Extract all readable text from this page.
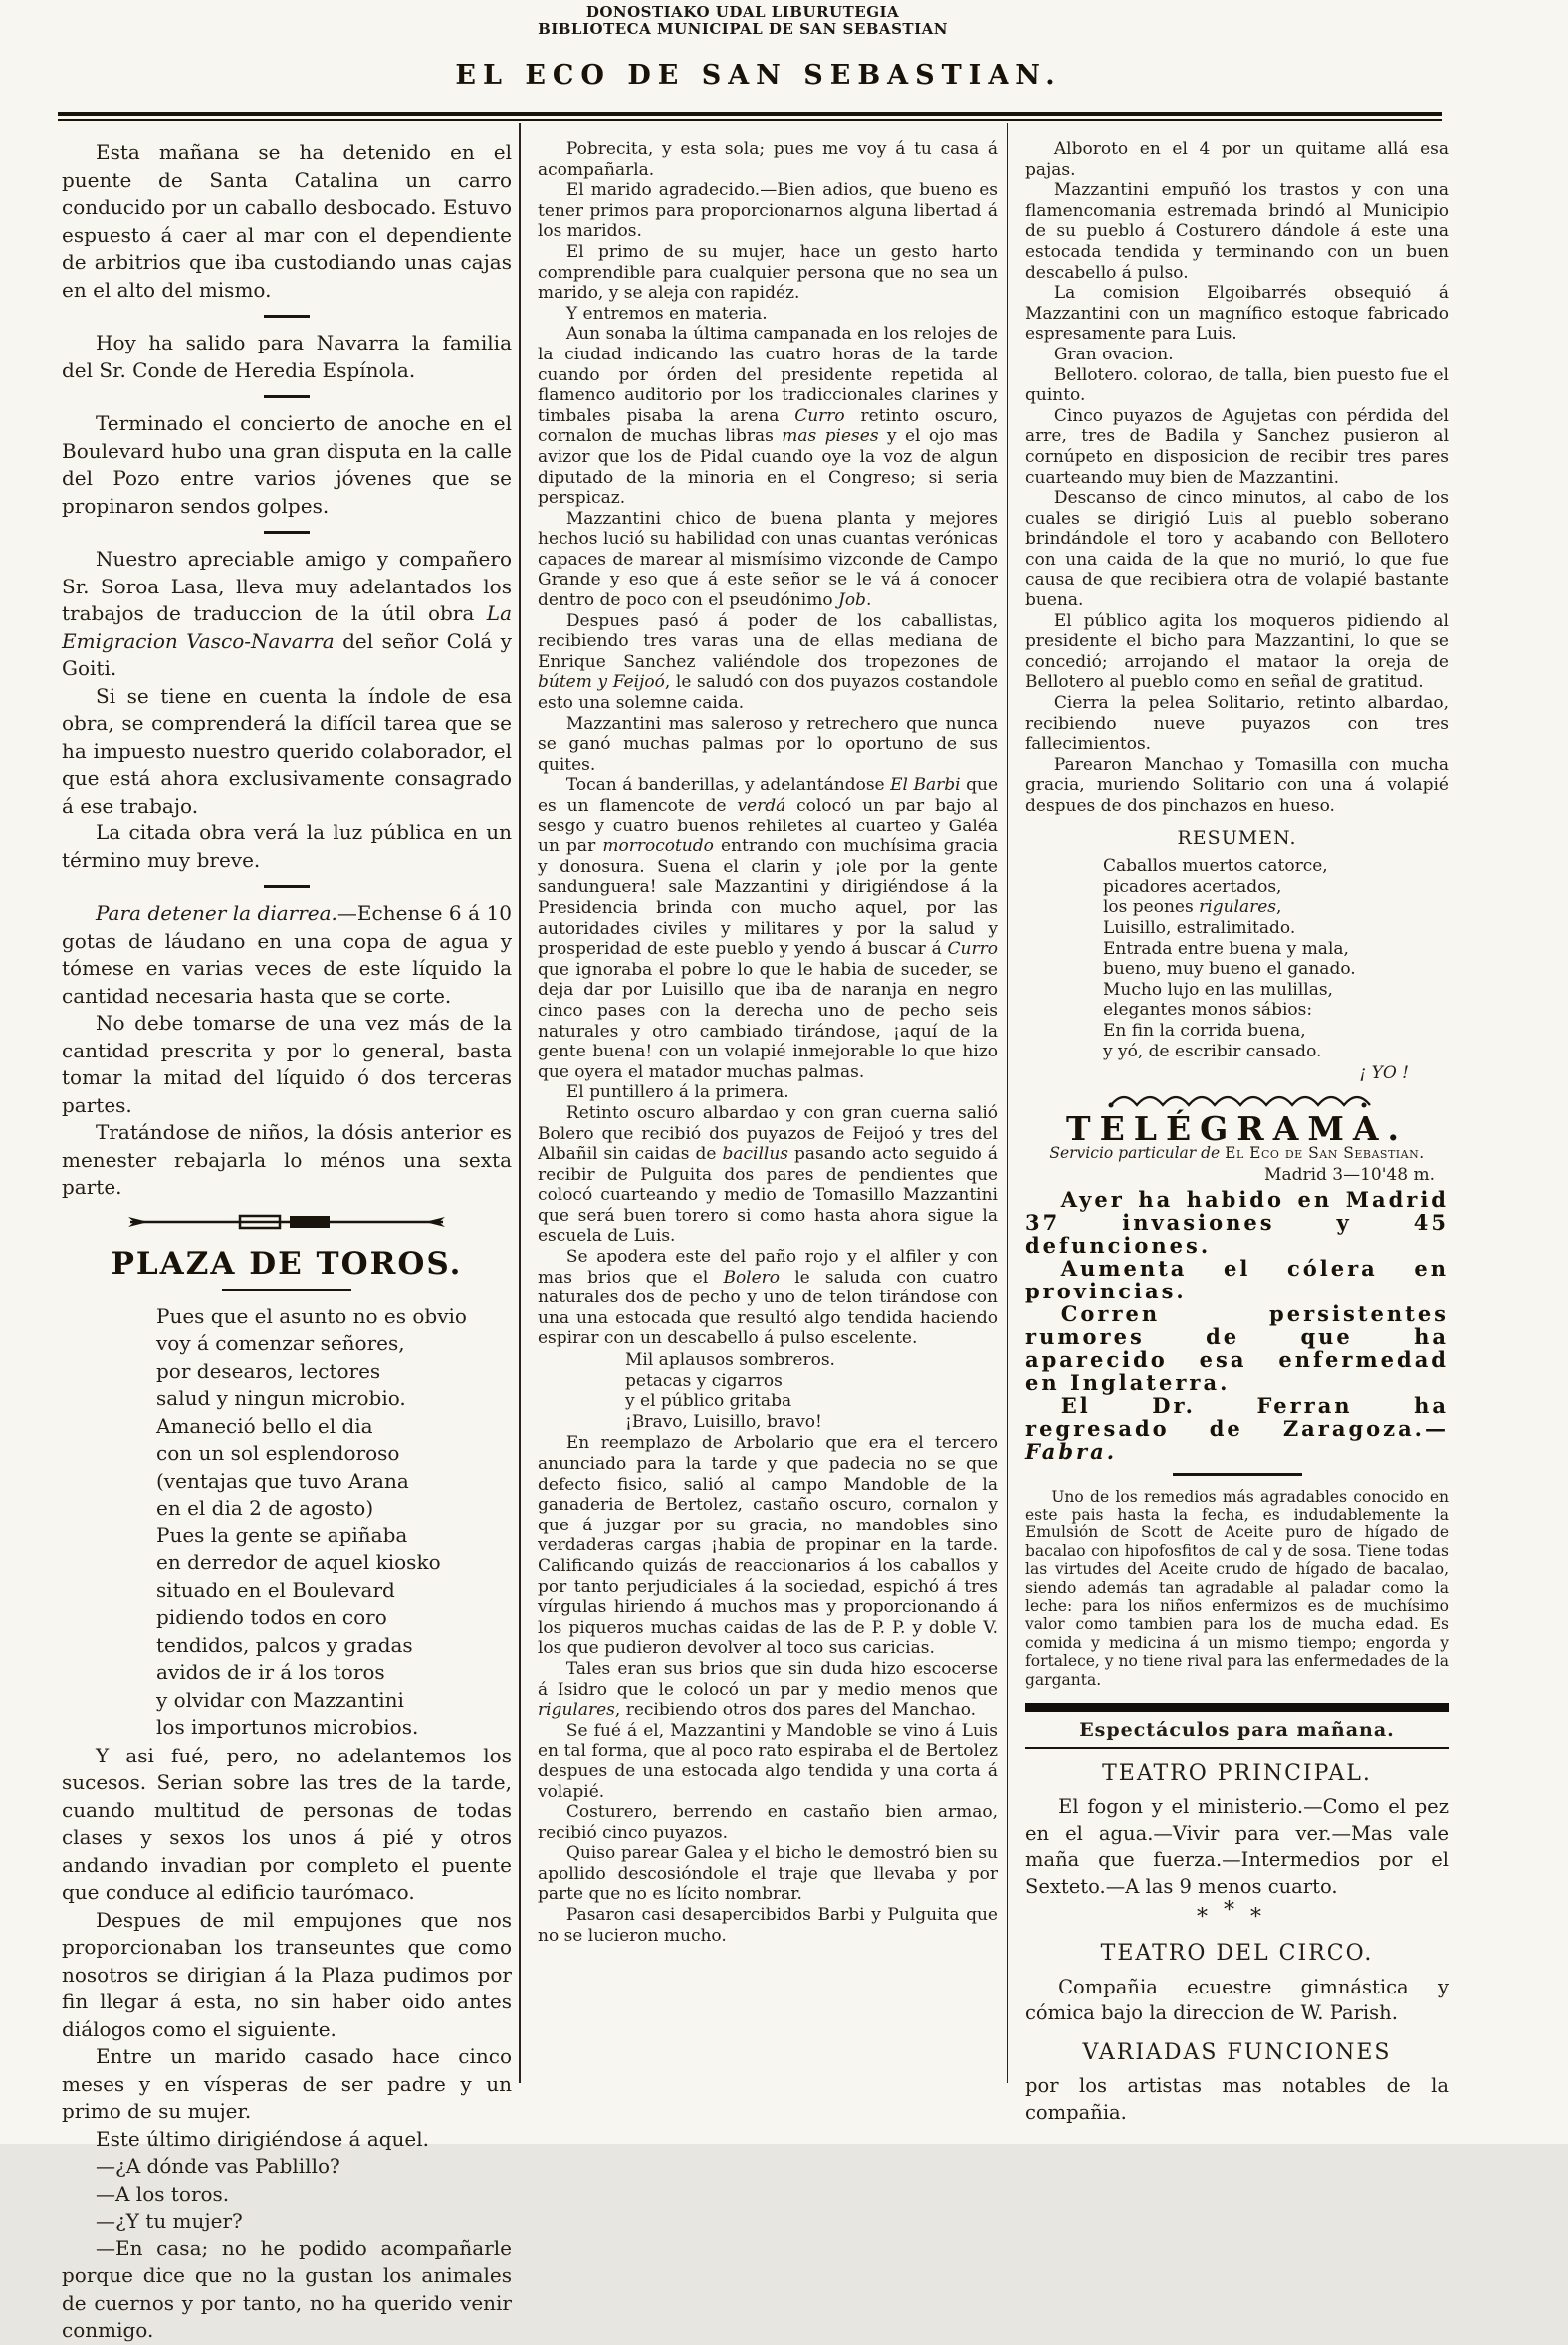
DONOSTIAKO UDAL LIBURUTEGIA
BIBLIOTECA MUNICIPAL DE SAN SEBASTIAN
EL ECO DE SAN SEBASTIAN.

Esta mañana se ha detenido en el puente de Santa Catalina un carro conducido por un caballo desbocado. Estuvo espuesto á caer al mar con el dependiente de arbitrios que iba custodiando unas cajas en el alto del mismo.

Hoy ha salido para Navarra la familia del Sr. Conde de Heredia Espínola.

Terminado el concierto de anoche en el Boulevard hubo una gran disputa en la calle del Pozo entre varios jóvenes que se propinaron sendos golpes.

Nuestro apreciable amigo y compañero Sr. Soroa Lasa, lleva muy adelantados los trabajos de traduccion de la útil obra La Emigracion Vasco-Navarra del señor Colá y Goiti.

Si se tiene en cuenta la índole de esa obra, se comprenderá la difícil tarea que se ha impuesto nuestro querido colaborador, el que está ahora exclusivamente consagrado á ese trabajo.

La citada obra verá la luz pública en un término muy breve.

Para detener la diarrea.—Echense 6 á 10 gotas de láudano en una copa de agua y tómese en varias veces de este líquido la cantidad necesaria hasta que se corte.

No debe tomarse de una vez más de la cantidad prescrita y por lo general, basta tomar la mitad del líquido ó dos terceras partes.

Tratándose de niños, la dósis anterior es menester rebajarla lo ménos una sexta parte.

PLAZA DE TOROS.
Pues que el asunto no es obvio
voy á comenzar señores,
por desearos, lectores
salud y ningun microbio.
Amaneció bello el dia
con un sol esplendoroso
(ventajas que tuvo Arana
en el dia 2 de agosto)
Pues la gente se apiñaba
en derredor de aquel kiosko
situado en el Boulevard
pidiendo todos en coro
tendidos, palcos y gradas
avidos de ir á los toros
y olvidar con Mazzantini
los importunos microbios.

Y asi fué, pero, no adelantemos los sucesos. Serian sobre las tres de la tarde, cuando multitud de personas de todas clases y sexos los unos á pié y otros andando invadian por completo el puente que conduce al edificio taurómaco.

Despues de mil empujones que nos proporcionaban los transeuntes que como nosotros se dirigian á la Plaza pudimos por fin llegar á esta, no sin haber oido antes diálogos como el siguiente.

Entre un marido casado hace cinco meses y en vísperas de ser padre y un primo de su mujer.

Este último dirigiéndose á aquel.

—¿A dónde vas Pablillo?

—A los toros.

—¿Y tu mujer?

—En casa; no he podido acompañarle porque dice que no la gustan los animales de cuernos y por tanto, no ha querido venir conmigo.

Pobrecita, y esta sola; pues me voy á tu casa á acompañarla.

El marido agradecido.—Bien adios, que bueno es tener primos para proporcionarnos alguna libertad á los maridos.

El primo de su mujer, hace un gesto harto comprendible para cualquier persona que no sea un marido, y se aleja con rapidéz.

Y entremos en materia.

Aun sonaba la última campanada en los relojes de la ciudad indicando las cuatro horas de la tarde cuando por órden del presidente repetida al flamenco auditorio por los tradiccionales clarines y timbales pisaba la arena Curro retinto oscuro, cornalon de muchas libras mas pieses y el ojo mas avizor que los de Pidal cuando oye la voz de algun diputado de la minoria en el Congreso; si seria perspicaz.

Mazzantini chico de buena planta y mejores hechos lució su habilidad con unas cuantas verónicas capaces de marear al mismísimo vizconde de Campo Grande y eso que á este señor se le vá á conocer dentro de poco con el pseudónimo Job.

Despues pasó á poder de los caballistas, recibiendo tres varas una de ellas mediana de Enrique Sanchez valiéndole dos tropezones de bútem y Feijoó, le saludó con dos puyazos costandole esto una solemne caida.

Mazzantini mas saleroso y retrechero que nunca se ganó muchas palmas por lo oportuno de sus quites.

Tocan á banderillas, y adelantándose El Barbi que es un flamencote de verdá colocó un par bajo al sesgo y cuatro buenos rehiletes al cuarteo y Galéa un par morrocotudo entrando con muchísima gracia y donosura. Suena el clarin y ¡ole por la gente sandunguera! sale Mazzantini y dirigiéndose á la Presidencia brinda con mucho aquel, por las autoridades civiles y militares y por la salud y prosperidad de este pueblo y yendo á buscar á Curro que ignoraba el pobre lo que le habia de suceder, se deja dar por Luisillo que iba de naranja en negro cinco pases con la derecha uno de pecho seis naturales y otro cambiado tirándose, ¡aquí de la gente buena! con un volapié inmejorable lo que hizo que oyera el matador muchas palmas.

El puntillero á la primera.

Retinto oscuro albardao y con gran cuerna salió Bolero que recibió dos puyazos de Feijoó y tres del Albañil sin caidas de bacillus pasando acto seguido á recibir de Pulguita dos pares de pendientes que colocó cuarteando y medio de Tomasillo Mazzantini que será buen torero si como hasta ahora sigue la escuela de Luis.

Se apodera este del paño rojo y el alfiler y con mas brios que el Bolero le saluda con cuatro naturales dos de pecho y uno de telon tirándose con una una estocada que resultó algo tendida haciendo espirar con un descabello á pulso escelente.

Mil aplausos sombreros.
petacas y cigarros
y el público gritaba
¡Bravo, Luisillo, bravo!

En reemplazo de Arbolario que era el tercero anunciado para la tarde y que padecia no se que defecto fisico, salió al campo Mandoble de la ganaderia de Bertolez, castaño oscuro, cornalon y que á juzgar por su gracia, no mandobles sino verdaderas cargas ¡habia de propinar en la tarde. Calificando quizás de reaccionarios á los caballos y por tanto perjudiciales á la sociedad, espichó á tres vírgulas hiriendo á muchos mas y proporcionando á los piqueros muchas caidas de las de P. P. y doble V. los que pudieron devolver al toco sus caricias.

Tales eran sus brios que sin duda hizo escocerse á Isidro que le colocó un par y medio menos que rigulares, recibiendo otros dos pares del Manchao.

Se fué á el, Mazzantini y Mandoble se vino á Luis en tal forma, que al poco rato espiraba el de Bertolez despues de una estocada algo tendida y una corta á volapié.

Costurero, berrendo en castaño bien armao, recibió cinco puyazos.

Quiso parear Galea y el bicho le demostró bien su apollido descosióndole el traje que llevaba y por parte que no es lícito nombrar.

Pasaron casi desapercibidos Barbi y Pulguita que no se lucieron mucho.

Alboroto en el 4 por un quitame allá esa pajas.

Mazzantini empuñó los trastos y con una flamencomania estremada brindó al Municipio de su pueblo á Costurero dándole á este una estocada tendida y terminando con un buen descabello á pulso.

La comision Elgoibarrés obsequió á Mazzantini con un magnífico estoque fabricado espresamente para Luis.

Gran ovacion.

Bellotero. colorao, de talla, bien puesto fue el quinto.

Cinco puyazos de Agujetas con pérdida del arre, tres de Badila y Sanchez pusieron al cornúpeto en disposicion de recibir tres pares cuarteando muy bien de Mazzantini.

Descanso de cinco minutos, al cabo de los cuales se dirigió Luis al pueblo soberano brindándole el toro y acabando con Bellotero con una caida de la que no murió, lo que fue causa de que recibiera otra de volapié bastante buena.

El público agita los moqueros pidiendo al presidente el bicho para Mazzantini, lo que se concedió; arrojando el mataor la oreja de Bellotero al pueblo como en señal de gratitud.

Cierra la pelea Solitario, retinto albardao, recibiendo nueve puyazos con tres fallecimientos.

Parearon Manchao y Tomasilla con mucha gracia, muriendo Solitario con una á volapié despues de dos pinchazos en hueso.

RESUMEN.
Caballos muertos catorce,
picadores acertados,
los peones rigulares,
Luisillo, estralimitado.
Entrada entre buena y mala,
bueno, muy bueno el ganado.
Mucho lujo en las mulillas,
elegantes monos sábios:
En fin la corrida buena,
y yó, de escribir cansado.
¡ YO !
TELÉGRAMA.
Servicio particular de El Eco de San Sebastian.
Madrid 3—10'48 m.

Ayer ha habido en Madrid 37 invasiones y 45 defunciones.

Aumenta el cólera en provincias.

Corren persistentes rumores de que ha aparecido esa enfermedad en Inglaterra.

El Dr. Ferran ha regresado de Zaragoza.—Fabra.

Uno de los remedios más agradables conocido en este pais hasta la fecha, es indudablemente la Emulsión de Scott de Aceite puro de hígado de bacalao con hipofosfitos de cal y de sosa. Tiene todas las virtudes del Aceite crudo de hígado de bacalao, siendo además tan agradable al paladar como la leche: para los niños enfermizos es de muchísimo valor como tambien para los de mucha edad. Es comida y medicina á un mismo tiempo; engorda y fortalece, y no tiene rival para las enfermedades de la garganta.

Espectáculos para mañana.
TEATRO PRINCIPAL.

El fogon y el ministerio.—Como el pez en el agua.—Vivir para ver.—Mas vale maña que fuerza.—Intermedios por el Sexteto.—A las 9 menos cuarto.

***
TEATRO DEL CIRCO.

Compañia ecuestre gimnástica y cómica bajo la direccion de W. Parish.

VARIADAS FUNCIONES

por los artistas mas notables de la compañia.
